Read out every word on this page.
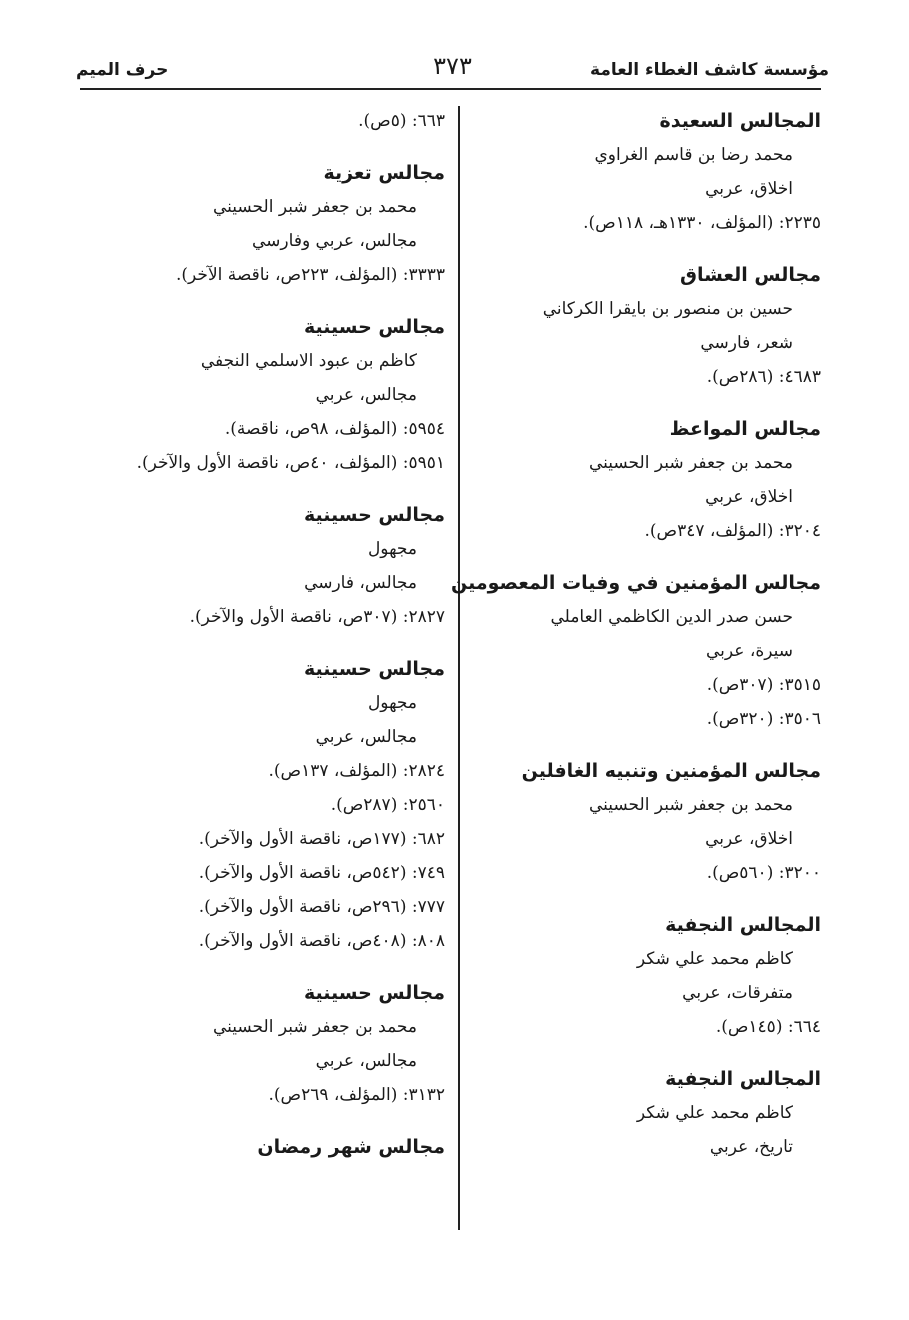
مؤسسة كاشف الغطاء العامة
٣٧٣
حرف الميم
المجالس السعيدة
محمد رضا بن قاسم الغراوي
اخلاق، عربي
٢٢٣٥: (المؤلف، ١٣٣٠هـ، ١١٨ص).
مجالس العشاق
حسين بن منصور بن بايقرا الكركاني
شعر، فارسي
٤٦٨٣: (٢٨٦ص).
مجالس المواعظ
محمد بن جعفر شبر الحسيني
اخلاق، عربي
٣٢٠٤: (المؤلف، ٣٤٧ص).
مجالس المؤمنين في وفيات المعصومين
حسن صدر الدين الكاظمي العاملي
سيرة، عربي
٣٥١٥: (٣٠٧ص).
٣٥٠٦: (٣٢٠ص).
مجالس المؤمنين وتنبيه الغافلين
محمد بن جعفر شبر الحسيني
اخلاق، عربي
٣٢٠٠: (٥٦٠ص).
المجالس النجفية
كاظم محمد علي شكر
متفرقات، عربي
٦٦٤: (١٤٥ص).
المجالس النجفية
كاظم محمد علي شكر
تاريخ، عربي
٦٦٣: (٥ص).
مجالس تعزية
محمد بن جعفر شبر الحسيني
مجالس، عربي وفارسي
٣٣٣٣: (المؤلف، ٢٢٣ص، ناقصة الآخر).
مجالس حسينية
كاظم بن عبود الاسلمي النجفي
مجالس، عربي
٥٩٥٤: (المؤلف، ٩٨ص، ناقصة).
٥٩٥١: (المؤلف، ٤٠ص، ناقصة الأول والآخر).
مجالس حسينية
مجهول
مجالس، فارسي
٢٨٢٧: (٣٠٧ص، ناقصة الأول والآخر).
مجالس حسينية
مجهول
مجالس، عربي
٢٨٢٤: (المؤلف، ١٣٧ص).
٢٥٦٠: (٢٨٧ص).
٦٨٢: (١٧٧ص، ناقصة الأول والآخر).
٧٤٩: (٥٤٢ص، ناقصة الأول والآخر).
٧٧٧: (٢٩٦ص، ناقصة الأول والآخر).
٨٠٨: (٤٠٨ص، ناقصة الأول والآخر).
مجالس حسينية
محمد بن جعفر شبر الحسيني
مجالس، عربي
٣١٣٢: (المؤلف، ٢٦٩ص).
مجالس شهر رمضان
